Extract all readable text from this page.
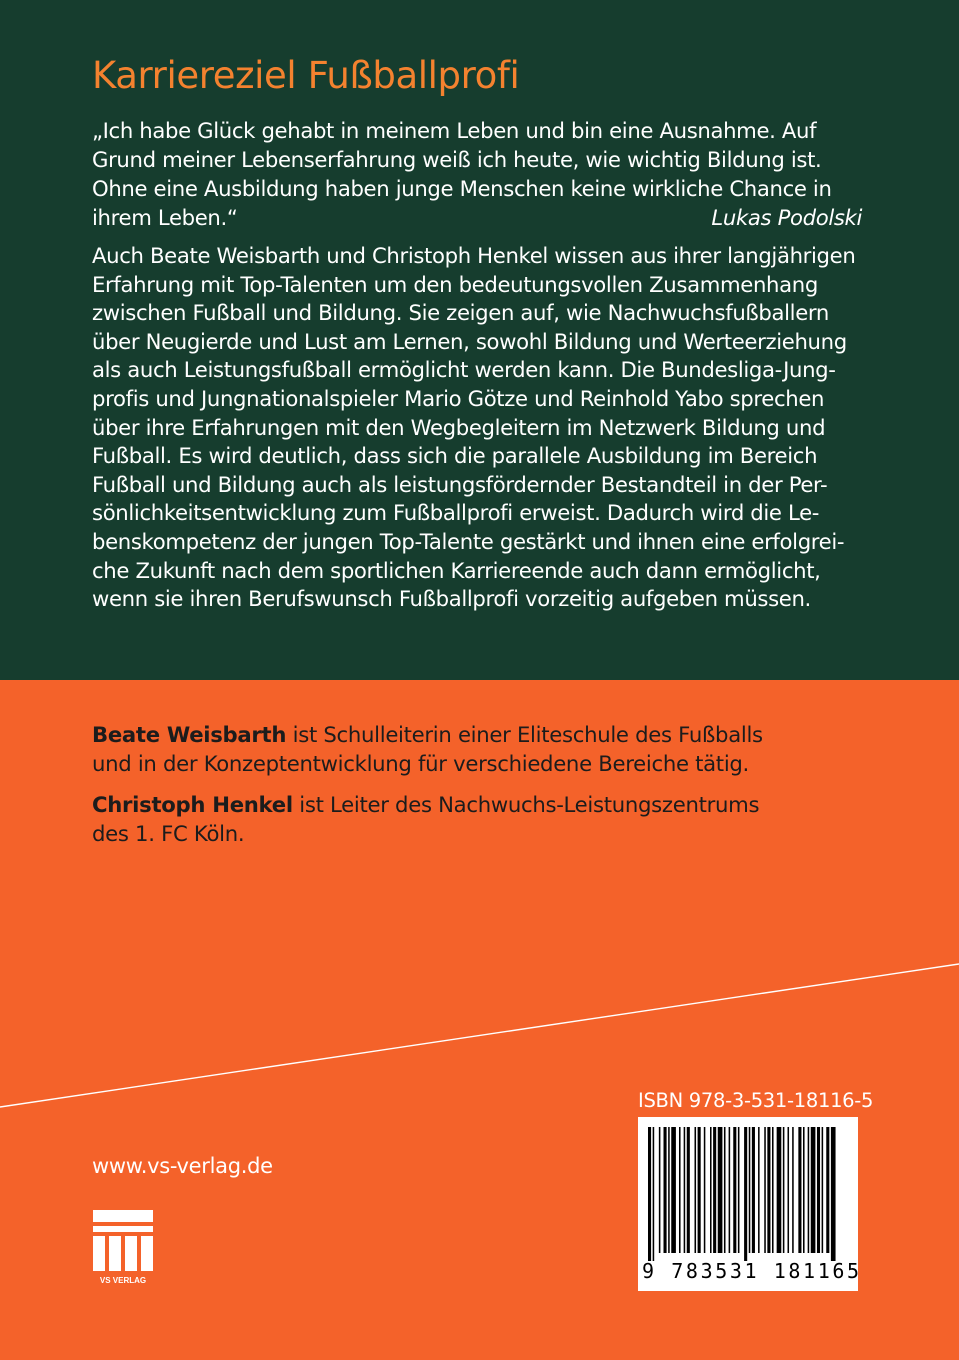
Karriereziel Fußballprofi
„Ich habe Glück gehabt in meinem Leben und bin eine Ausnahme. Auf
Grund meiner Lebenserfahrung weiß ich heute, wie wichtig Bildung ist.
Ohne eine Ausbildung haben junge Menschen keine wirkliche Chance in
ihrem Leben.“	Lukas Podolski
Auch Beate Weisbarth und Christoph Henkel wissen aus ihrer langjährigen
Erfahrung mit Top-Talenten um den bedeutungsvollen Zusammenhang
zwischen Fußball und Bildung. Sie zeigen auf, wie Nachwuchsfußballern
über Neugierde und Lust am Lernen, sowohl Bildung und Werteerziehung
als auch Leistungsfußball ermöglicht werden kann. Die Bundesliga-Jung-
profis und Jungnationalspieler Mario Götze und Reinhold Yabo sprechen
über ihre Erfahrungen mit den Wegbegleitern im Netzwerk Bildung und
Fußball. Es wird deutlich, dass sich die parallele Ausbildung im Bereich
Fußball und Bildung auch als leistungsfördernder Bestandteil in der Per-
sönlichkeitsentwicklung zum Fußballprofi erweist. Dadurch wird die Le-
benskompetenz der jungen Top-Talente gestärkt und ihnen eine erfolgrei-
che Zukunft nach dem sportlichen Karriereende auch dann ermöglicht,
wenn sie ihren Berufswunsch Fußballprofi vorzeitig aufgeben müssen.
Beate Weisbarth ist Schulleiterin einer Eliteschule des Fußballs
und in der Konzeptentwicklung für verschiedene Bereiche tätig.
Christoph Henkel ist Leiter des Nachwuchs-Leistungszentrums
des 1. FC Köln.
www.vs-verlag.de
VS VERLAG
ISBN 978-3-531-18116-5
9 783531 181165
